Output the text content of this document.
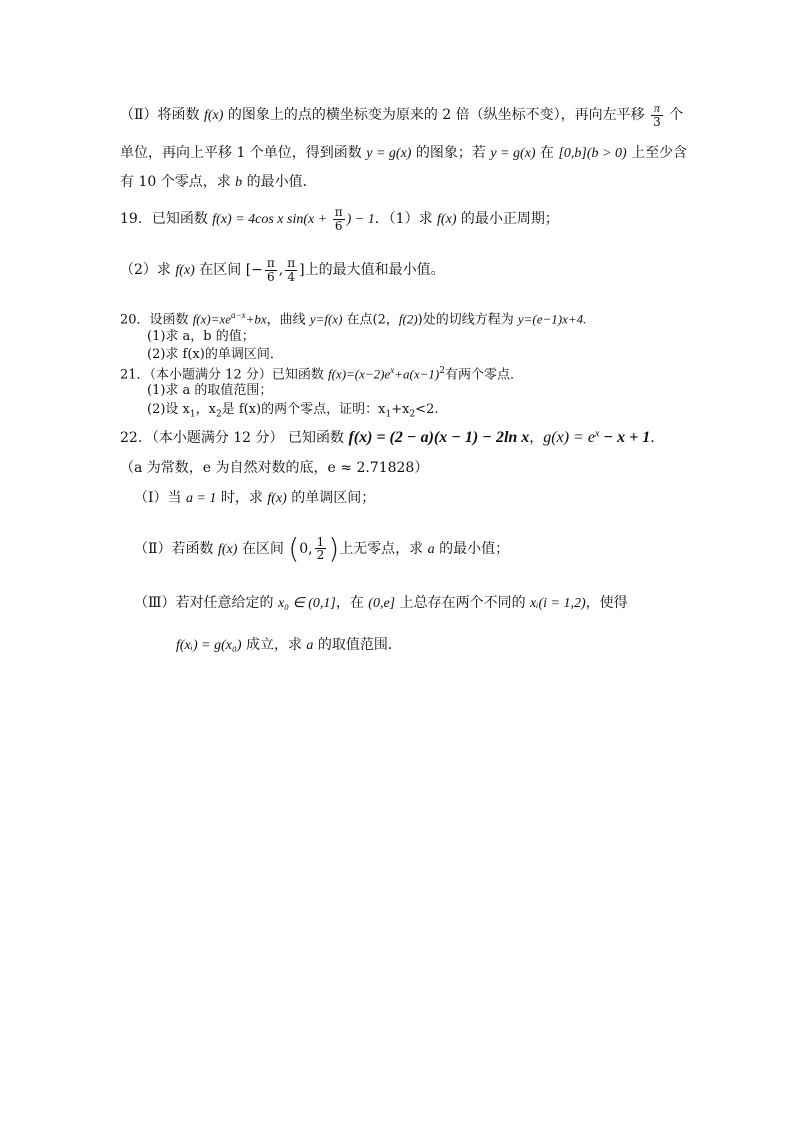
（Ⅱ）将函数 f(x) 的图象上的点的横坐标变为原来的 2 倍（纵坐标不变），再向左平移 $\frac{\pi}{3}$ 个
单位，再向上平移 1 个单位，得到函数 y = g(x) 的图象；若 y = g(x) 在 [0,b](b > 0) 上至少含
有 10 个零点，求 b 的最小值．
19．已知函数 f(x) = 4cos x $\sin(x + \frac{\pi}{6}$ ) − 1．（1）求 f(x) 的最小正周期；
（2）求 f(x) 在区间 [− $\frac{\pi}{6}$ , $\frac{\pi}{4}$ ]上的最大值和最小值。
20．设函数 $f(x)=xe^{a-x}+bx$，曲线 y=f(x) 在点(2，f(2))处的切线方程为 y=(e−1)x+4.
(1)求 a，b 的值；
(2)求 f(x)的单调区间．
21．（本小题满分 12 分）已知函数 $f(x)=(x-2)e^x+a(x-1)^2$有两个零点．
(1)求 a 的取值范围；
(2)设 $x_1$，$x_2$是 f(x)的两个零点，证明：$x_1+x_2<2$.
22．（本小题满分 12 分） 已知函数 f(x) = (2 − a)(x − 1) − 2ln x，$g(x) = e^x - x + 1$．
（a 为常数，e 为自然对数的底，e ≈ 2.71828）
（Ⅰ）当 a = 1 时，求 f(x) 的单调区间；
（Ⅱ）若函数 f(x) 在区间 (0, $\frac{1}{2}$ )上无零点，求 a 的最小值；
（Ⅲ）若对任意给定的 x₀ ∈ (0,1]，在 (0,e] 上总存在两个不同的 xᵢ(i = 1,2)，使得
f(xᵢ) = g(x₀) 成立，求 a 的取值范围．
